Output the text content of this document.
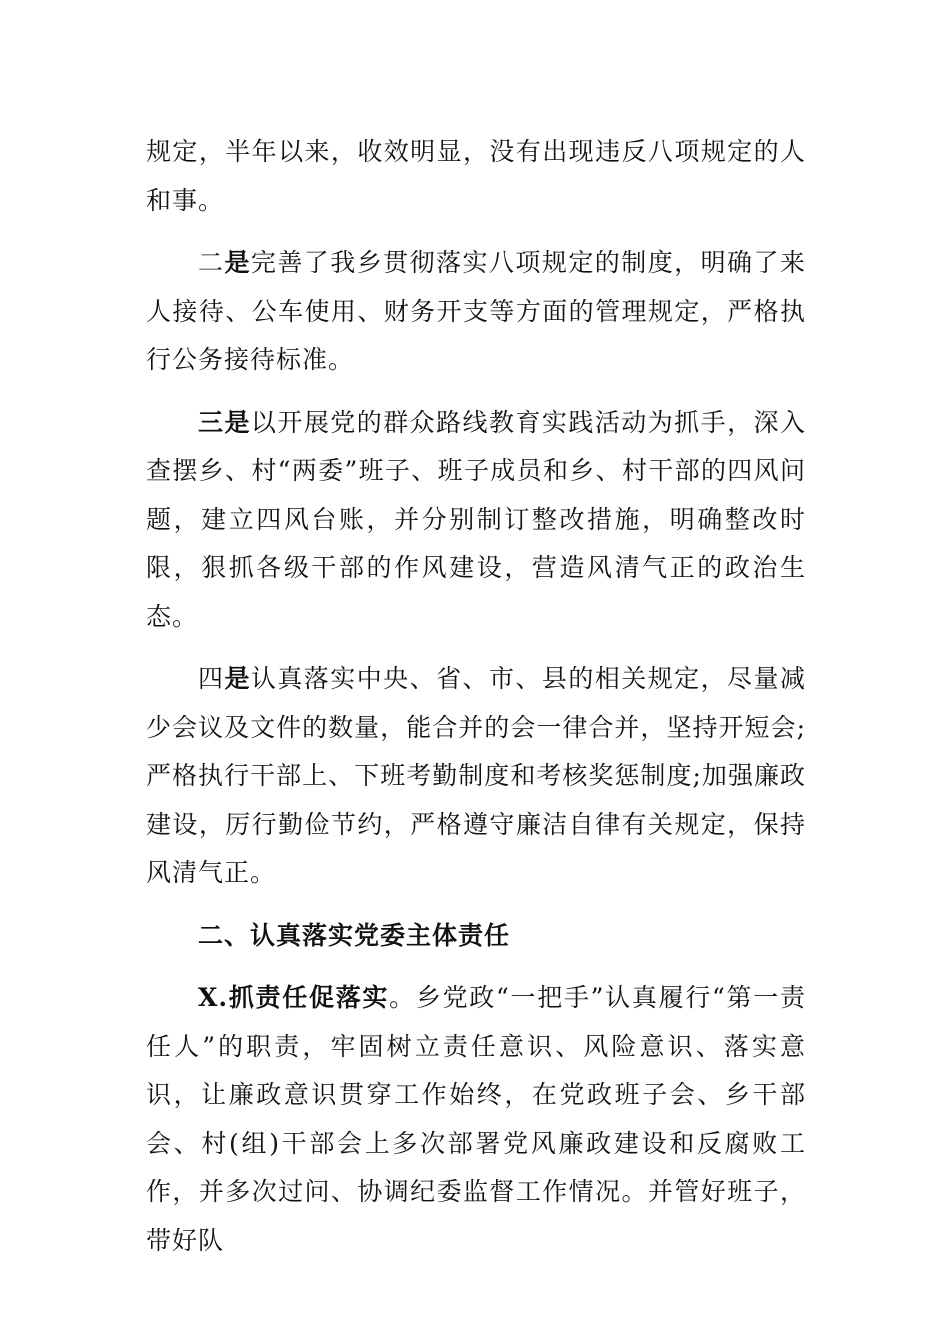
规定，半年以来，收效明显，没有出现违反八项规定的人和事。

二是完善了我乡贯彻落实八项规定的制度，明确了来人接待、公车使用、财务开支等方面的管理规定，严格执行公务接待标准。

三是以开展党的群众路线教育实践活动为抓手，深入查摆乡、村“两委”班子、班子成员和乡、村干部的四风问题，建立四风台账，并分别制订整改措施，明确整改时限，狠抓各级干部的作风建设，营造风清气正的政治生态。

四是认真落实中央、省、市、县的相关规定，尽量减少会议及文件的数量，能合并的会一律合并，坚持开短会;严格执行干部上、下班考勤制度和考核奖惩制度;加强廉政建设，厉行勤俭节约，严格遵守廉洁自律有关规定，保持风清气正。

二、认真落实党委主体责任

X.抓责任促落实。乡党政“一把手”认真履行“第一责任人”的职责，牢固树立责任意识、风险意识、落实意识，让廉政意识贯穿工作始终，在党政班子会、乡干部会、村(组)干部会上多次部署党风廉政建设和反腐败工作，并多次过问、协调纪委监督工作情况。并管好班子，带好队
